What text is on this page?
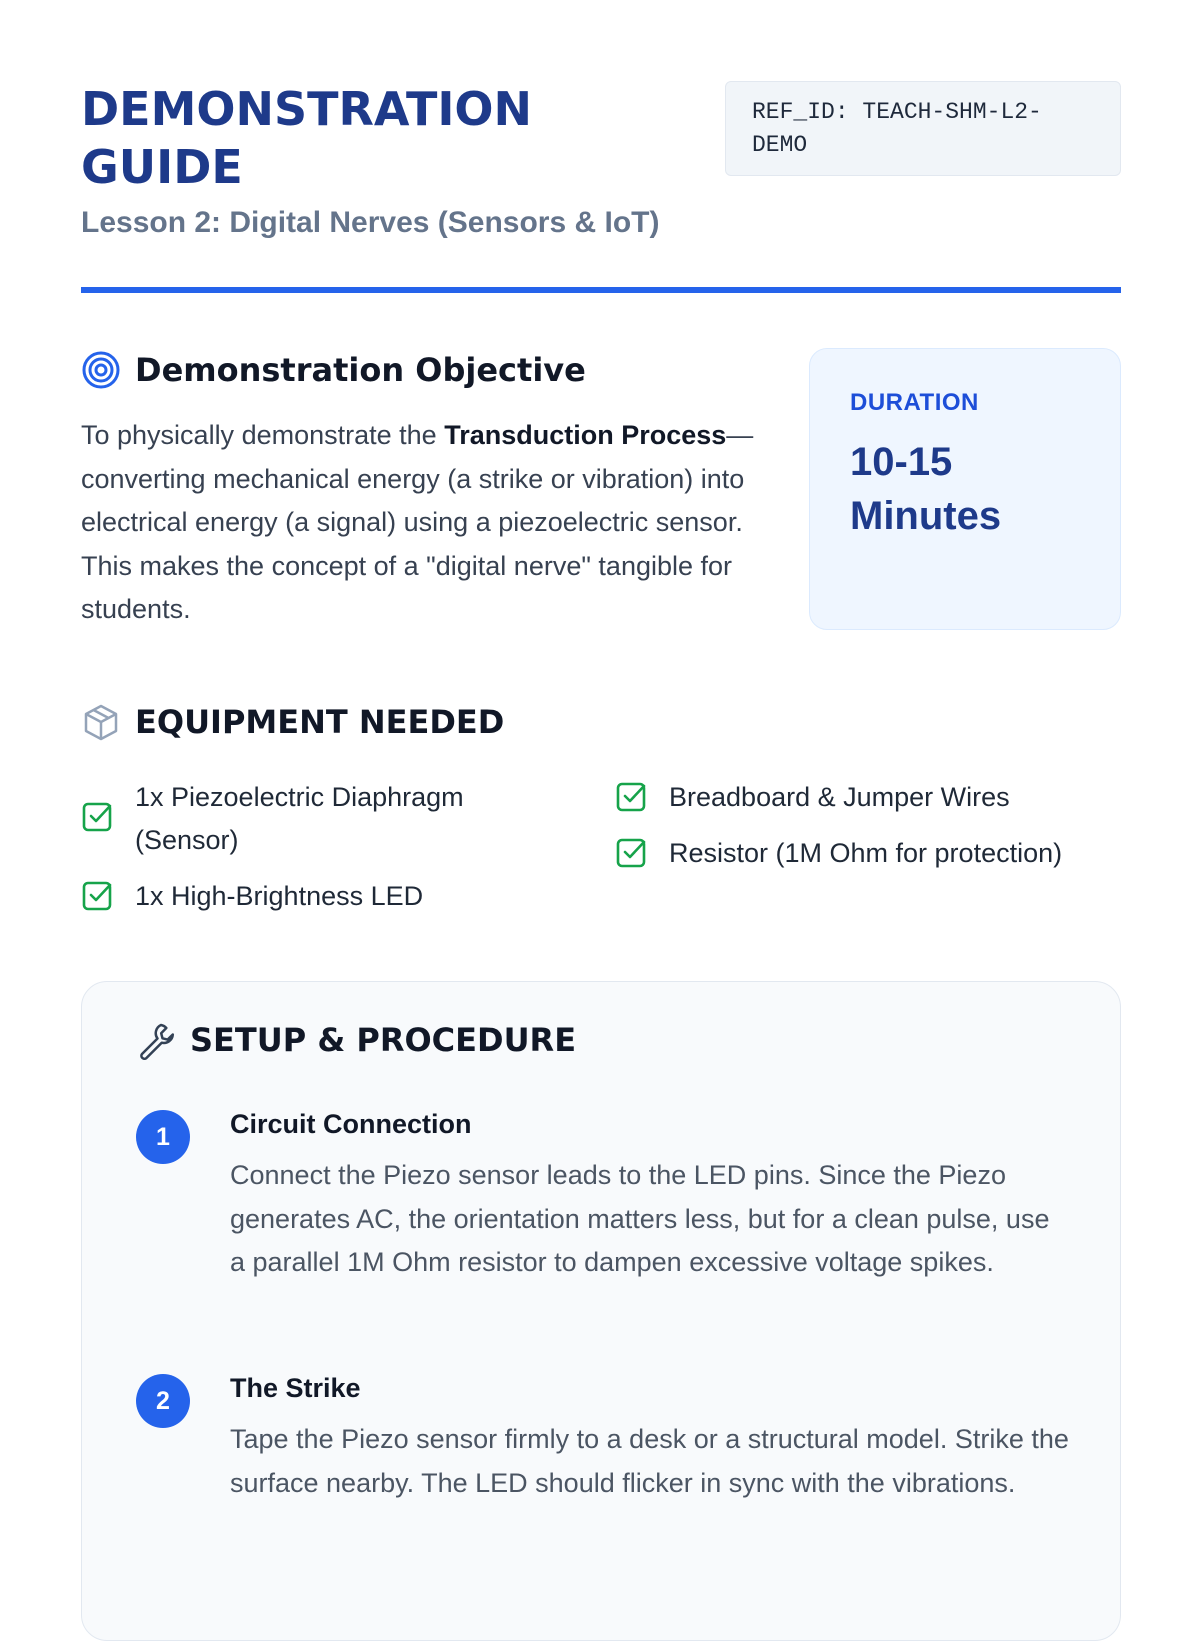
DEMONSTRATION GUIDE
Lesson 2: Digital Nerves (Sensors & IoT)
REF_ID: TEACH-SHM-L2-DEMO
Demonstration Objective

To physically demonstrate the Transduction Process—converting mechanical energy (a strike or vibration) into electrical energy (a signal) using a piezoelectric sensor. This makes the concept of a "digital nerve" tangible for students.

DURATION
10-15 Minutes
EQUIPMENT NEEDED
1x Piezoelectric Diaphragm (Sensor)
1x High-Brightness LED
Breadboard & Jumper Wires
Resistor (1M Ohm for protection)
SETUP & PROCEDURE
1	Circuit Connection

Connect the Piezo sensor leads to the LED pins. Since the Piezo generates AC, the orientation matters less, but for a clean pulse, use a parallel 1M Ohm resistor to dampen excessive voltage spikes.

2	The Strike

Tape the Piezo sensor firmly to a desk or a structural model. Strike the surface nearby. The LED should flicker in sync with the vibrations.
